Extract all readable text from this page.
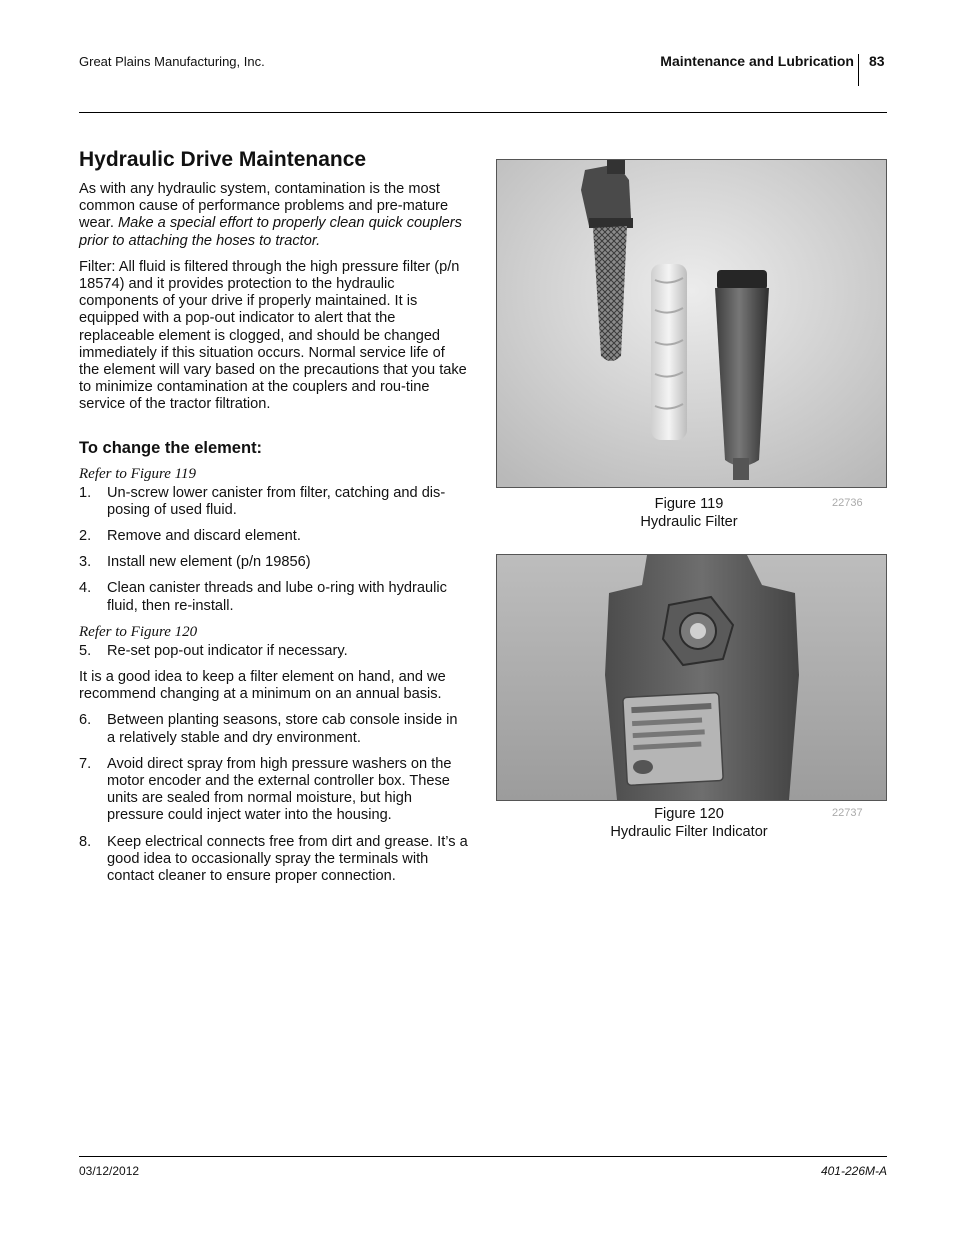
Great Plains Manufacturing, Inc.	Maintenance and Lubrication 83
Hydraulic Drive Maintenance

As with any hydraulic system, contamination is the most common cause of performance problems and pre-mature wear. Make a special effort to properly clean quick couplers prior to attaching the hoses to tractor.

Filter: All fluid is filtered through the high pressure filter (p/n 18574) and it provides protection to the hydraulic components of your drive if properly maintained. It is equipped with a pop-out indicator to alert that the replaceable element is clogged, and should be changed immediately if this situation occurs. Normal service life of the element will vary based on the precautions that you take to minimize contamination at the couplers and rou-tine service of the tractor filtration.

To change the element:
Refer to Figure 119
1.	Un-screw lower canister from filter, catching and dis-posing of used fluid.
2.	Remove and discard element.
3.	Install new element (p/n 19856)
4.	Clean canister threads and lube o-ring with hydraulic fluid, then re-install.
Refer to Figure 120
5.	Re-set pop-out indicator if necessary.

It is a good idea to keep a filter element on hand, and we recommend changing at a minimum on an annual basis.

6.	Between planting seasons, store cab console inside in a relatively stable and dry environment.
7.	Avoid direct spray from high pressure washers on the motor encoder and the external controller box. These units are sealed from normal moisture, but high pressure could inject water into the housing.
8.	Keep electrical connects free from dirt and grease. It’s a good idea to occasionally spray the terminals with contact cleaner to ensure proper connection.
Figure 119
Hydraulic Filter
22736
Figure 120
Hydraulic Filter Indicator
22737
03/12/2012	401-226M-A
